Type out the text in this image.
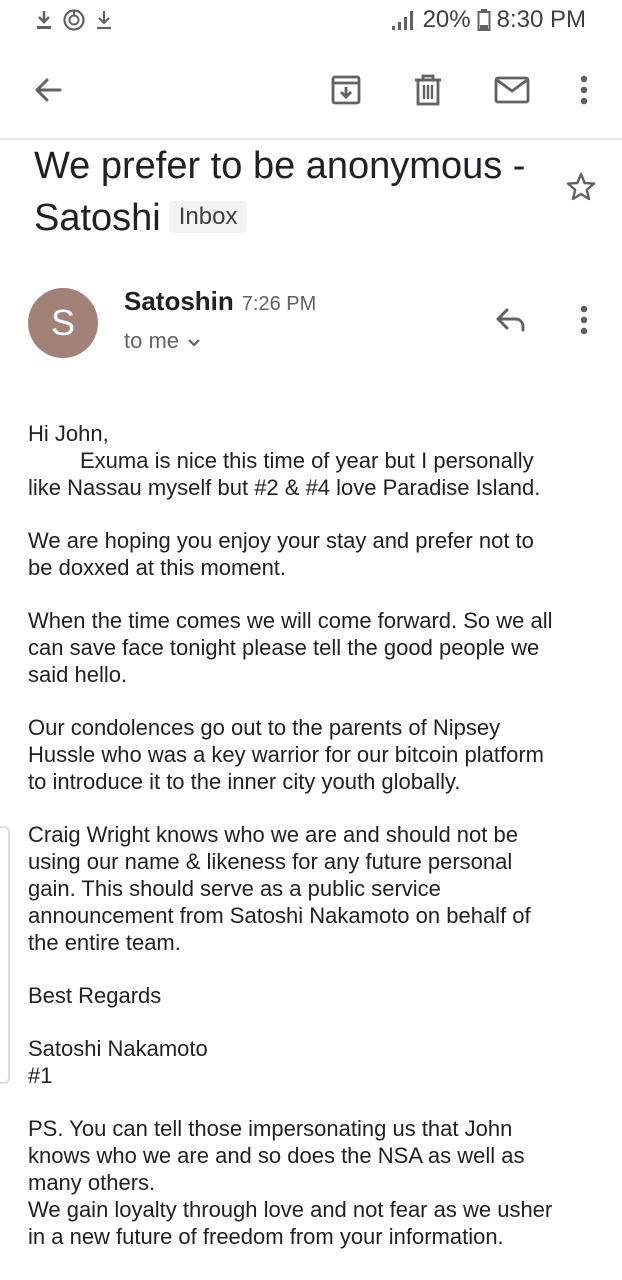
20% 8:30 PM
We prefer to be anonymous -
Satoshi Inbox
S
Satoshin 7:26 PM
to me

Hi John,

Exuma is nice this time of year but I personally

like Nassau myself but #2 & #4 love Paradise Island.

We are hoping you enjoy your stay and prefer not to

be doxxed at this moment.

When the time comes we will come forward. So we all

can save face tonight please tell the good people we

said hello.

Our condolences go out to the parents of Nipsey

Hussle who was a key warrior for our bitcoin platform

to introduce it to the inner city youth globally.

Craig Wright knows who we are and should not be

using our name & likeness for any future personal

gain. This should serve as a public service

announcement from Satoshi Nakamoto on behalf of

the entire team.

Best Regards

Satoshi Nakamoto

#1

PS. You can tell those impersonating us that John

knows who we are and so does the NSA as well as

many others.

We gain loyalty through love and not fear as we usher

in a new future of freedom from your information.
